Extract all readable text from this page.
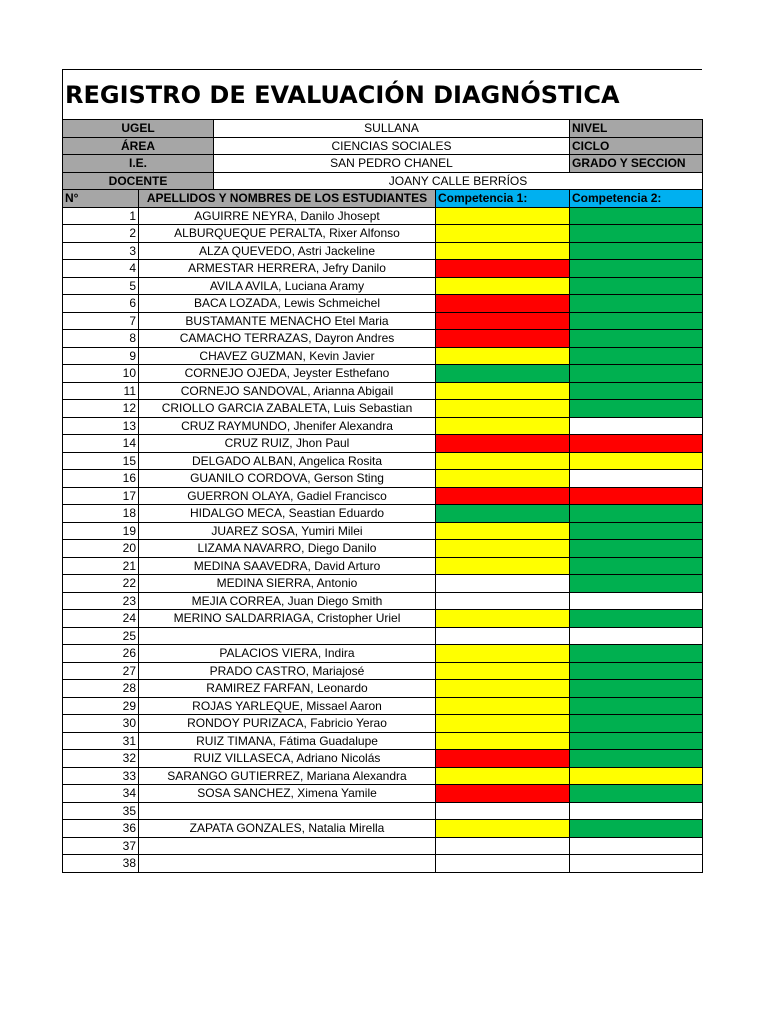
REGISTRO DE EVALUACIÓN DIAGNÓSTICA
UGEL		SULLANA		NIVEL
ÁREA		CIENCIAS SOCIALES		CICLO
I.E.		SAN PEDRO CHANEL		GRADO Y SECCION
DOCENTE		JOANY CALLE BERRÍOS		
N°	APELLIDOS Y NOMBRES DE LOS ESTUDIANTES		Competencia 1:	Competencia 2:
1	AGUIRRE NEYRA, Danilo Jhosept			
2	ALBURQUEQUE PERALTA, Rixer Alfonso			
3	ALZA QUEVEDO, Astri Jackeline			
4	ARMESTAR HERRERA, Jefry Danilo			
5	AVILA AVILA, Luciana Aramy			
6	BACA LOZADA, Lewis Schmeichel			
7	BUSTAMANTE MENACHO Etel Maria			
8	CAMACHO TERRAZAS, Dayron Andres			
9	CHAVEZ GUZMAN, Kevin Javier			
10	CORNEJO OJEDA, Jeyster Esthefano			
11	CORNEJO SANDOVAL, Arianna Abigail			
12	CRIOLLO GARCIA ZABALETA, Luis Sebastian			
13	CRUZ RAYMUNDO, Jhenifer Alexandra			
14	CRUZ RUIZ, Jhon Paul			
15	DELGADO ALBAN, Angelica Rosita			
16	GUANILO CORDOVA, Gerson Sting			
17	GUERRON OLAYA, Gadiel Francisco			
18	HIDALGO MECA, Seastian Eduardo			
19	JUAREZ SOSA, Yumiri Milei			
20	LIZAMA NAVARRO, Diego Danilo			
21	MEDINA SAAVEDRA, David Arturo			
22	MEDINA SIERRA, Antonio			
23	MEJIA CORREA, Juan Diego Smith			
24	MERINO SALDARRIAGA, Cristopher Uriel			
25				
26	PALACIOS VIERA, Indira			
27	PRADO CASTRO, Mariajosé			
28	RAMIREZ FARFAN, Leonardo			
29	ROJAS YARLEQUE, Missael Aaron			
30	RONDOY PURIZACA, Fabricio Yerao			
31	RUIZ TIMANA, Fátima Guadalupe			
32	RUIZ VILLASECA, Adriano Nicolás			
33	SARANGO GUTIERREZ, Mariana Alexandra			
34	SOSA SANCHEZ, Ximena Yamile			
35				
36	ZAPATA GONZALES, Natalia Mirella			
37				
38				
